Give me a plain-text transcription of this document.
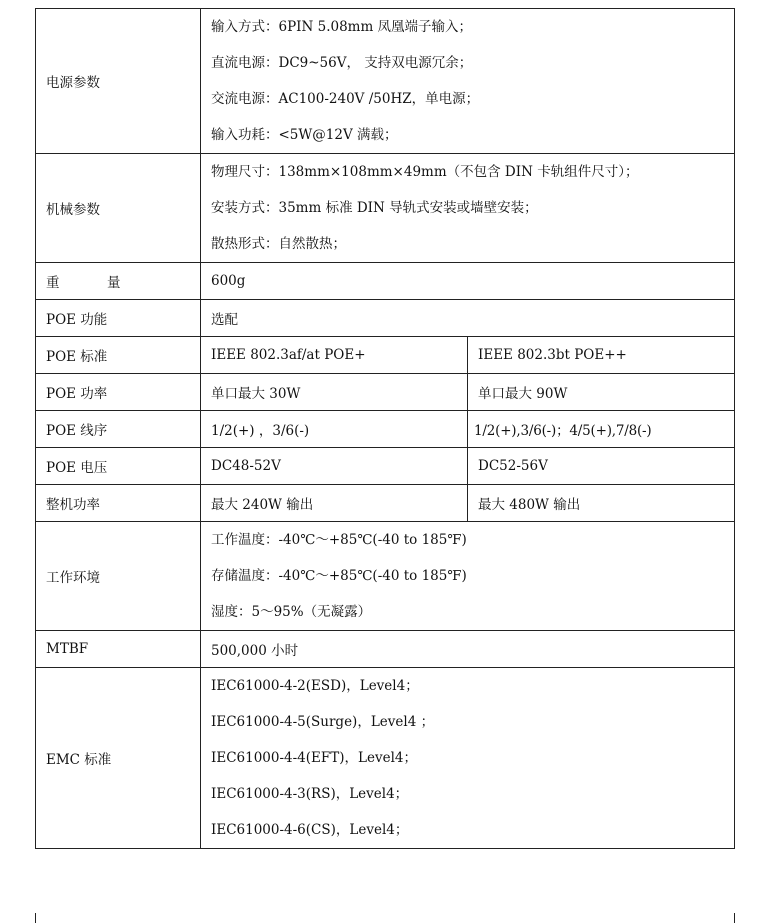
电源参数	输入方式：6PIN 5.08mm 凤凰端子输入；
直流电源：DC9~56V， 支持双电源冗余；
交流电源：AC100-240V /50HZ，单电源；
输入功耗：<5W@12V 满载；	

机械参数	物理尺寸：138mm×108mm×49mm（不包含 DIN 卡轨组件尺寸）；
安装方式：35mm 标准 DIN 导轨式安装或墙壁安装；
散热形式：自然散热；	

重 量	600g	
POE 功能	选配	
POE 标准	IEEE 802.3af/at POE+	IEEE 802.3bt POE++
POE 功率	单口最大 30W	单口最大 90W
POE 线序	1/2(+) ，3/6(-)	1/2(+),3/6(-)；4/5(+),7/8(-)
POE 电压	DC48-52V	DC52-56V
整机功率	最大 240W 输出	最大 480W 输出
工作环境	工作温度：-40℃～+85℃(-40 to 185℉)
存储温度：-40℃～+85℃(-40 to 185℉)
湿度：5～95%（无凝露）	

MTBF	500,000 小时	
EMC 标准	IEC61000-4-2(ESD)，Level4；
IEC61000-4-5(Surge)，Level4 ；
IEC61000-4-4(EFT)，Level4；
IEC61000-4-3(RS)，Level4；
IEC61000-4-6(CS)，Level4；	
